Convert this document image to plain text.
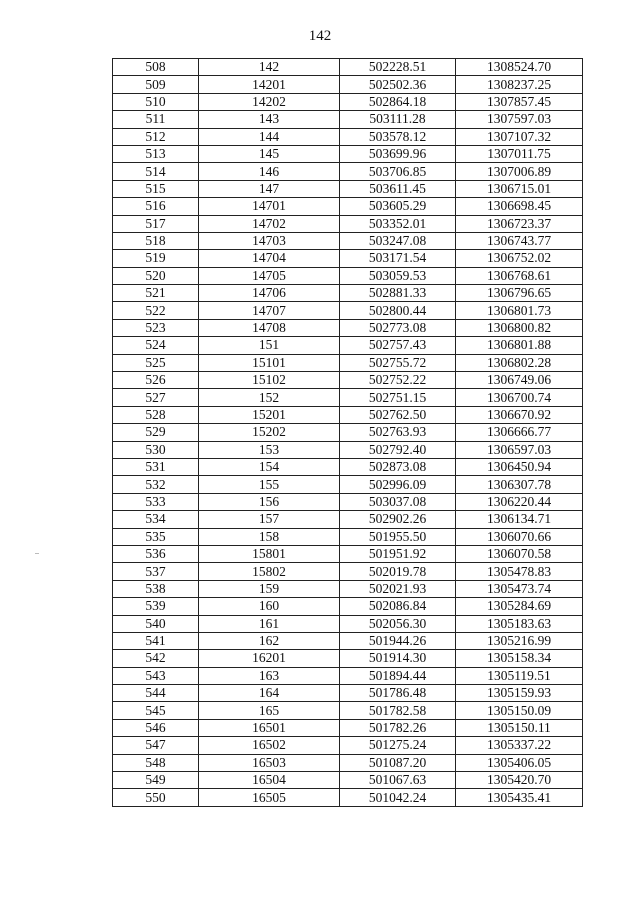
142
508	142	502228.51	1308524.70
509	14201	502502.36	1308237.25
510	14202	502864.18	1307857.45
511	143	503111.28	1307597.03
512	144	503578.12	1307107.32
513	145	503699.96	1307011.75
514	146	503706.85	1307006.89
515	147	503611.45	1306715.01
516	14701	503605.29	1306698.45
517	14702	503352.01	1306723.37
518	14703	503247.08	1306743.77
519	14704	503171.54	1306752.02
520	14705	503059.53	1306768.61
521	14706	502881.33	1306796.65
522	14707	502800.44	1306801.73
523	14708	502773.08	1306800.82
524	151	502757.43	1306801.88
525	15101	502755.72	1306802.28
526	15102	502752.22	1306749.06
527	152	502751.15	1306700.74
528	15201	502762.50	1306670.92
529	15202	502763.93	1306666.77
530	153	502792.40	1306597.03
531	154	502873.08	1306450.94
532	155	502996.09	1306307.78
533	156	503037.08	1306220.44
534	157	502902.26	1306134.71
535	158	501955.50	1306070.66
536	15801	501951.92	1306070.58
537	15802	502019.78	1305478.83
538	159	502021.93	1305473.74
539	160	502086.84	1305284.69
540	161	502056.30	1305183.63
541	162	501944.26	1305216.99
542	16201	501914.30	1305158.34
543	163	501894.44	1305119.51
544	164	501786.48	1305159.93
545	165	501782.58	1305150.09
546	16501	501782.26	1305150.11
547	16502	501275.24	1305337.22
548	16503	501087.20	1305406.05
549	16504	501067.63	1305420.70
550	16505	501042.24	1305435.41
